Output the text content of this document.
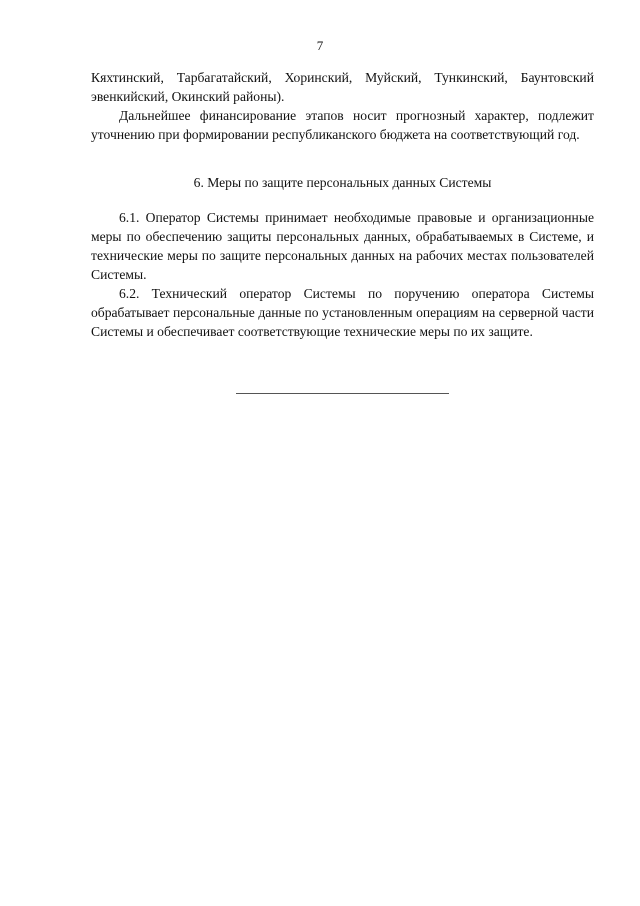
7

Кяхтинский, Тарбагатайский, Хоринский, Муйский, Тункинский, Баунтовский эвенкийский, Окинский районы).

Дальнейшее финансирование этапов носит прогнозный характер, подлежит уточнению при формировании республиканского бюджета на соответствующий год.

6. Меры по защите персональных данных Системы

6.1. Оператор Системы принимает необходимые правовые и организационные меры по обеспечению защиты персональных данных, обрабатываемых в Системе, и технические меры по защите персональных данных на рабочих местах пользователей Системы.

6.2. Технический оператор Системы по поручению оператора Системы обрабатывает персональные данные по установленным операциям на серверной части Системы и обеспечивает соответствующие технические меры по их защите.
